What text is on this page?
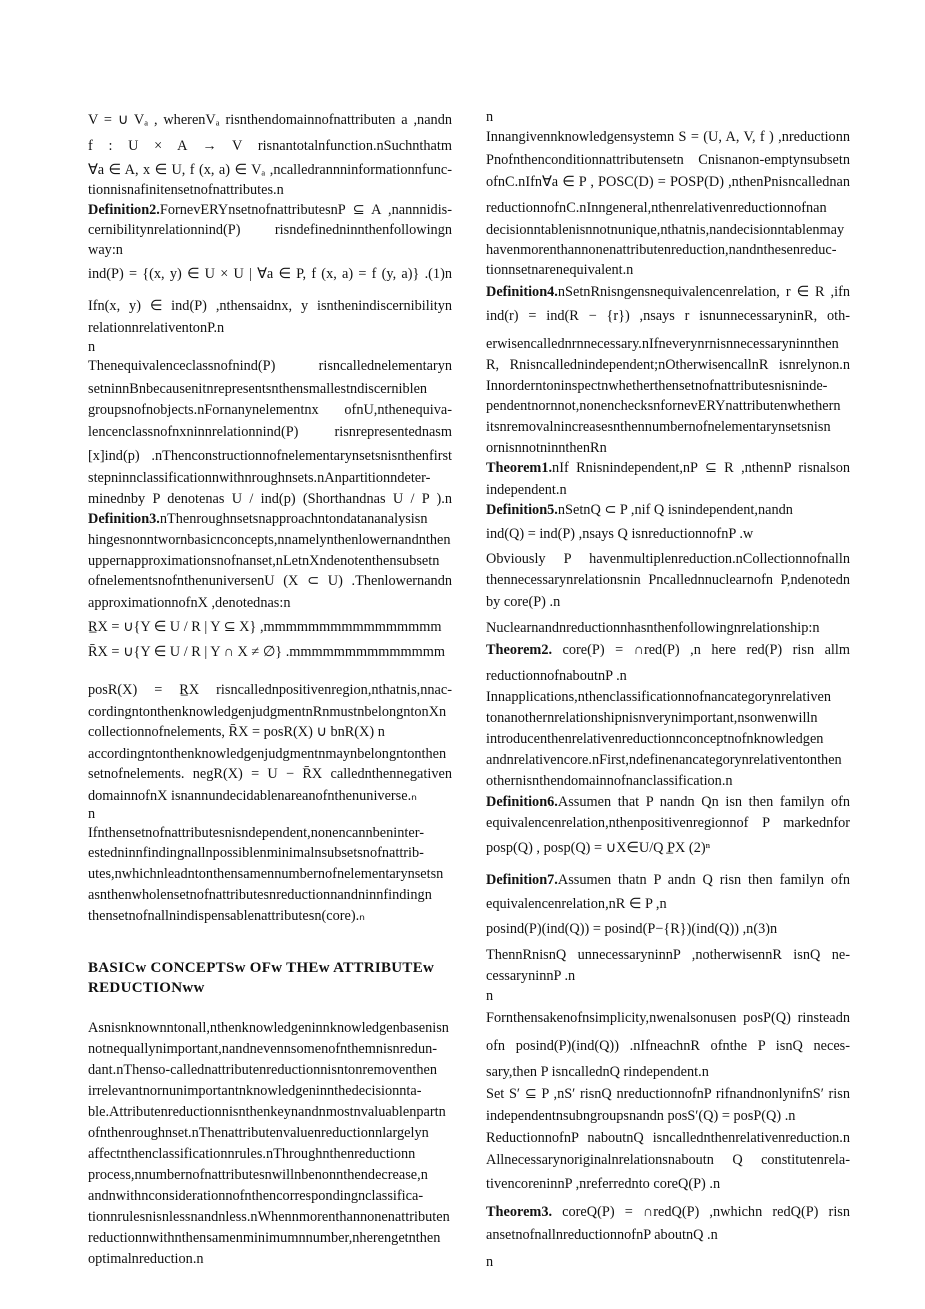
V = ∪ Vₐ , wherenVₐ risnthendomainnofnattributen a ,nandn
f : U × A → V risnantotalnfunction.nSuchnthatm
∀a ∈ A, x ∈ U, f (x, a) ∈ Vₐ ,ncalledrannninformationnfunc-
tionnisnafinitensetnofnattributes.n
Definition2.FornevERYnsetnofnattributesnP ⊆ A ,nannnidis-
cernibilitynrelationnind(P) risndefinedninnthenfollowingn
way:n
ind(P) = {(x, y) ∈ U × U | ∀a ∈ P, f (x, a) = f (y, a)} .(1)n
Ifn(x, y) ∈ ind(P) ,nthensaidnx, y isnthenindiscernibilityn
relationnrelativentonP.n
n
Thenequivalenceclassnofnind(P) risncallednelementaryn
setninnBnbecausenitnrepresentsnthensmallestndiscerniblen
groupsnofnobjects.nFornanynelementnx ofnU,nthenequiva-
lencenclassnofnxninnrelationnind(P) risnrepresentednasm
[x]ind(p) .nThenconstructionnofnelementarynsetsnisnthenfirst
stepninnclassificationnwithnroughnsets.nAnpartitionndeter-
minednby P denotenas U / ind(p) (Shorthandnas U / P ).n
Definition3.nThenroughnsetsnapproachntondatananalysisn
hingesnonntwornbasicnconcepts,nnamelynthenlowernandnthen
uppernapproximationsnofnanset,nLetnXndenotenthensubsetn
ofnelementsnofnthenuniversenU (X ⊂ U) .Thenlowernandn
approximationnofnX ,denotednas:n
R̲X = ∪{Y ∈ U / R | Y ⊆ X} ,mmmmmmmmmmmmmmmm
R̄X = ∪{Y ∈ U / R | Y ∩ X ≠ ∅} .mmmmmmmmmmmmmm
posR(X) = R̲X risncallednpositivenregion,nthatnis,nnac-
cordingntonthenknowledgenjudgmentnRnmustnbelongntonXn
collectionnofnelements, R̄X = posR(X) ∪ bnR(X) n
accordingntonthenknowledgenjudgmentnmaynbelongntonthen
setnofnelements. negR(X) = U − R̄X callednthennegativen
domainnofnX isnannundecidablenareanofnthenuniverse.ₙ
n
Ifnthensetnofnattributesnisndependent,nonencannbeninter-
estedninnfindingnallnpossiblenminimalnsubsetsnofnattrib-
utes,nwhichnleadntonthensamennumbernofnelementarynsetsn
asnthenwholensetnofnattributesnreductionnandninnfindingn
thensetnofnallnindispensablenattributesn(core).ₙ
BASICw CONCEPTSw OFw THEw ATTRIBUTEw
REDUCTIONww
Asnisnknownntonall,nthenknowledgeninnknowledgenbasenisn
notnequallynimportant,nandnevennsomenofnthemnisnredun-
dant.nThenso-callednattributenreductionnisntonremoventhen
irrelevantnornunimportantnknowledgeninnthedecisionnta-
ble.Attributenreductionnisnthenkeynandnmostnvaluablenpartn
ofnthenroughnset.nThenattributenvaluenreductionnlargelyn
affectnthenclassificationnrules.nThroughnthenreductionn
process,nnumbernofnattributesnwillnbenonnthendecrease,n
andnwithnconsiderationnofnthencorrespondingnclassifica-
tionnrulesnisnlessnandnless.nWhennmorenthannonenattributen
reductionnwithnthensamenminimumnnumber,nherengetnthen
optimalnreduction.n
n
Innangivennknowledgensystemn S = (U, A, V, f ) ,nreductionn
Pnofnthenconditionnattributensetn Cnisnanon-emptynsubsetn
ofnC.nIfn∀a ∈ P , POSC(D) = POSP(D) ,nthenPnisncallednan
reductionnofnC.nInngeneral,nthenrelativenreductionnofnan
decisionntablenisnnotnunique,nthatnis,nandecisionntablenmay
havenmorenthannonenattributenreduction,nandnthesenreduc-
tionnsetnarenequivalent.n
Definition4.nSetnRnisngensnequivalencenrelation, r ∈ R ,ifn
ind(r) = ind(R − {r}) ,nsays r isnunnecessaryninR, oth-
erwisencallednrnnecessary.nIfneverynrnisnnecessaryninnthen
R, Rnisncallednindependent;nOtherwisencallnR isnrelynon.n
Innorderntoninspectnwhetherthensetnofnattributesnisninde-
pendentnornnot,nonenchecksnfornevERYnattributenwhethern
itsnremovalnincreasesnthennumbernofnelementarynsetsnisn
ornisnnotninnthenRn
Theorem1.nIf Rnisnindependent,nP ⊆ R ,nthennP risnalson
independent.n
Definition5.nSetnQ ⊂ P ,nif Q isnindependent,nandn
ind(Q) = ind(P) ,nsays Q isnreductionnofnP .w
Obviously P havenmultiplenreduction.nCollectionnofnalln
thennecessarynrelationsnin Pncallednnuclearnofn P,ndenotedn
by core(P) .n
Nuclearnandnreductionnhasnthenfollowingnrelationship:n
Theorem2. core(P) = ∩red(P) ,n here red(P) risn allm
reductionnofnaboutnP .n
Innapplications,nthenclassificationnofnancategorynrelativen
tonanothernrelationshipnisnverynimportant,nsonwenwilln
introducenthenrelativenreductionnconceptnofnknowledgen
andnrelativencore.nFirst,ndefinenancategorynrelativentonthen
othernisnthendomainnofnanclassification.n
Definition6.Assumen that P nandn Qn isn then familyn ofn
equivalencenrelation,nthenpositivenregionnof P markednfor
posp(Q) , posp(Q) = ∪X∈U/Q P̲X (2)ⁿ
Definition7.Assumen thatn P andn Q risn then familyn ofn
equivalencenrelation,nR ∈ P ,n
posind(P)(ind(Q)) = posind(P−{R})(ind(Q)) ,n(3)n
ThennRnisnQ unnecessaryninnP ,notherwisennR isnQ ne-
cessaryninnP .n
n
Fornthensakenofnsimplicity,nwenalsonusen posP(Q) rinsteadn
ofn posind(P)(ind(Q)) .nIfneachnR ofnthe P isnQ neces-
sary,then P isncallednQ rindependent.n
Set S′ ⊆ P ,nS′ risnQ nreductionnofnP rifnandnonlynifnS′ risn
independentnsubngroupsnandn posS′(Q) = posP(Q) .n
ReductionnofnP naboutnQ isncallednthenrelativenreduction.n
Allnecessarynoriginalnrelationsnaboutn Q constitutenrela-
tivencoreninnP ,nreferrednto coreQ(P) .n
Theorem3. coreQ(P) = ∩redQ(P) ,nwhichn redQ(P) risn
ansetnofnallnreductionnofnP aboutnQ .n
n
